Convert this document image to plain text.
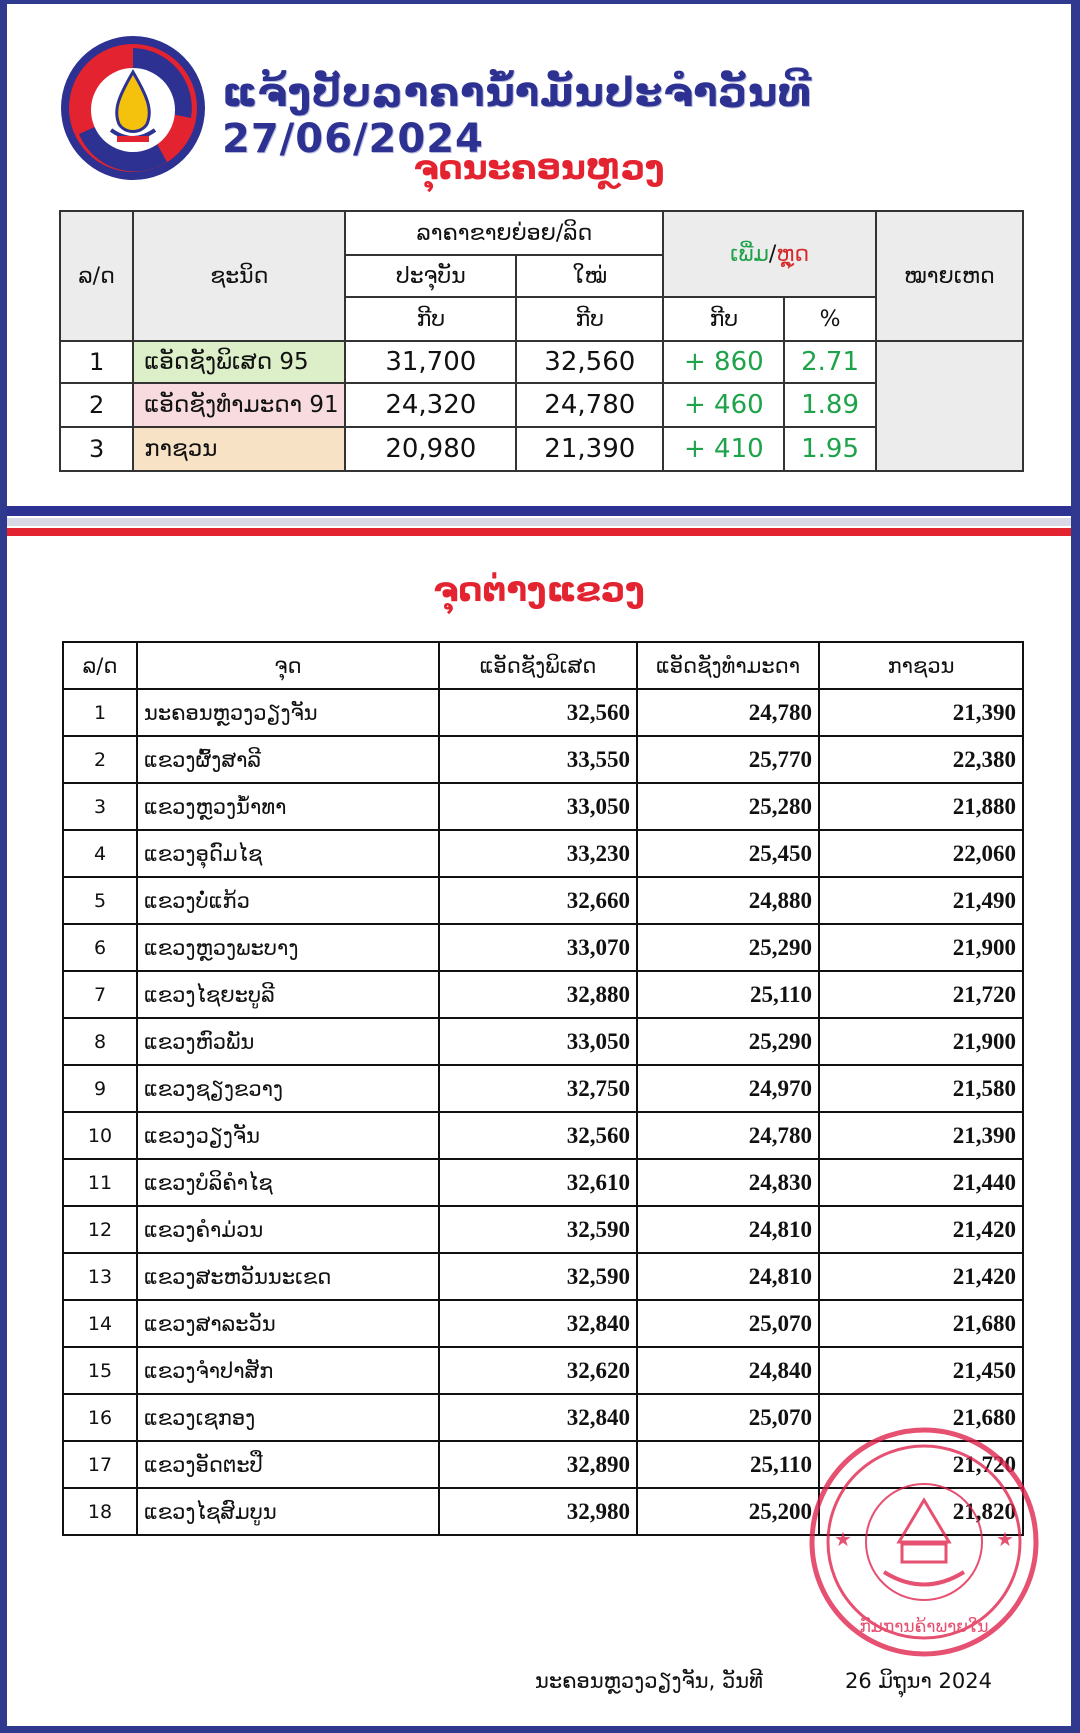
ແຈ້ງປັບລາຄານ້ຳມັນປະຈຳວັນທີ 27/06/2024
ຈຸດນະຄອນຫຼວງ
ລ/ດ	ຊະນິດ	ລາຄາຂາຍຍ່ອຍ/ລິດ		ເພີ່ມ/ຫຼຸດ		ໝາຍເຫດ
		ປະຈຸບັນ	ໃໝ່			
		ກີບ	ກີບ	ກີບ	%	
1	ແອັດຊັງພິເສດ 95	31,700	32,560	+ 860	2.71	
2	ແອັດຊັງທຳມະດາ 91	24,320	24,780	+ 460	1.89	
3	ກາຊວນ	20,980	21,390	+ 410	1.95	
ຈຸດຕ່າງແຂວງ
ລ/ດ	ຈຸດ	ແອັດຊັງພິເສດ	ແອັດຊັງທຳມະດາ	ກາຊວນ
1	ນະຄອນຫຼວງວຽງຈັນ	32,560	24,780	21,390
2	ແຂວງຜົ້ງສາລີ	33,550	25,770	22,380
3	ແຂວງຫຼວງນ້ຳທາ	33,050	25,280	21,880
4	ແຂວງອຸດົມໄຊ	33,230	25,450	22,060
5	ແຂວງບໍ່ແກ້ວ	32,660	24,880	21,490
6	ແຂວງຫຼວງພະບາງ	33,070	25,290	21,900
7	ແຂວງໄຊຍະບູລີ	32,880	25,110	21,720
8	ແຂວງຫົວພັນ	33,050	25,290	21,900
9	ແຂວງຊຽງຂວາງ	32,750	24,970	21,580
10	ແຂວງວຽງຈັນ	32,560	24,780	21,390
11	ແຂວງບໍລິຄຳໄຊ	32,610	24,830	21,440
12	ແຂວງຄຳມ່ວນ	32,590	24,810	21,420
13	ແຂວງສະຫວັນນະເຂດ	32,590	24,810	21,420
14	ແຂວງສາລະວັນ	32,840	25,070	21,680
15	ແຂວງຈຳປາສັກ	32,620	24,840	21,450
16	ແຂວງເຊກອງ	32,840	25,070	21,680
17	ແຂວງອັດຕະປື	32,890	25,110	21,720
18	ແຂວງໄຊສົມບູນ	32,980	25,200	21,820
★	★
ກົມການຄ້າພາຍໃນ
ນະຄອນຫຼວງວຽງຈັນ, ວັນທີ	26 ມິຖຸນາ 2024
